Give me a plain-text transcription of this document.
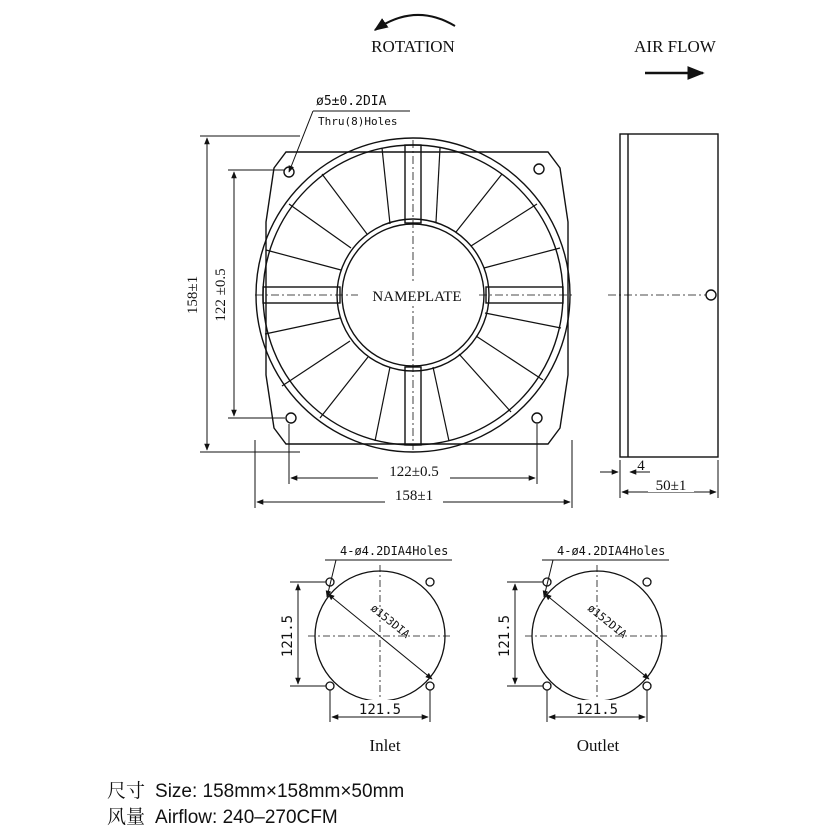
ROTATION	AIR FLOW
ø5±0.2DIA
Thru(8)Holes
NAMEPLATE
158±1 122 ±0.5
122±0.5
158±1
4
50±1
4-ø4.2DIA4Holes
ø153DIA
121.5
121.5
Inlet
4-ø4.2DIA4Holes
ø152DIA
121.5
121.5
Outlet
尺寸 Size: 158mm×158mm×50mm
风量 Airflow: 240–270CFM
